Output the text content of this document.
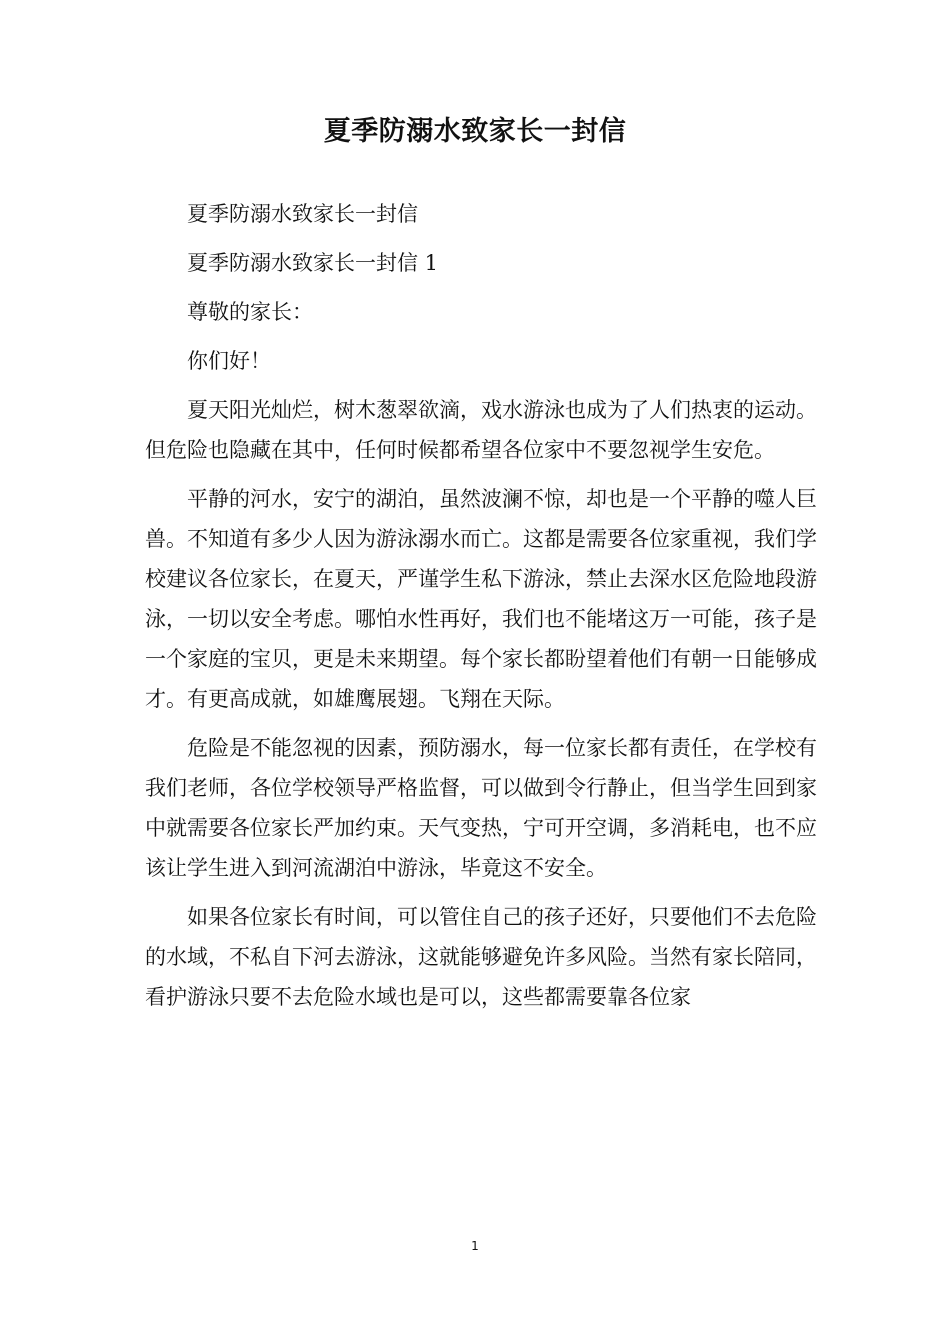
夏季防溺水致家长一封信

夏季防溺水致家长一封信

夏季防溺水致家长一封信 1

尊敬的家长：

你们好！

夏天阳光灿烂，树木葱翠欲滴，戏水游泳也成为了人们热衷的运动。但危险也隐藏在其中，任何时候都希望各位家中不要忽视学生安危。

平静的河水，安宁的湖泊，虽然波澜不惊，却也是一个平静的噬人巨兽。不知道有多少人因为游泳溺水而亡。这都是需要各位家重视，我们学校建议各位家长，在夏天，严谨学生私下游泳，禁止去深水区危险地段游泳，一切以安全考虑。哪怕水性再好，我们也不能堵这万一可能，孩子是一个家庭的宝贝，更是未来期望。每个家长都盼望着他们有朝一日能够成才。有更高成就，如雄鹰展翅。飞翔在天际。

危险是不能忽视的因素，预防溺水，每一位家长都有责任，在学校有我们老师，各位学校领导严格监督，可以做到令行静止，但当学生回到家中就需要各位家长严加约束。天气变热，宁可开空调，多消耗电，也不应该让学生进入到河流湖泊中游泳，毕竟这不安全。

如果各位家长有时间，可以管住自己的孩子还好，只要他们不去危险的水域，不私自下河去游泳，这就能够避免许多风险。当然有家长陪同，看护游泳只要不去危险水域也是可以，这些都需要靠各位家

1
